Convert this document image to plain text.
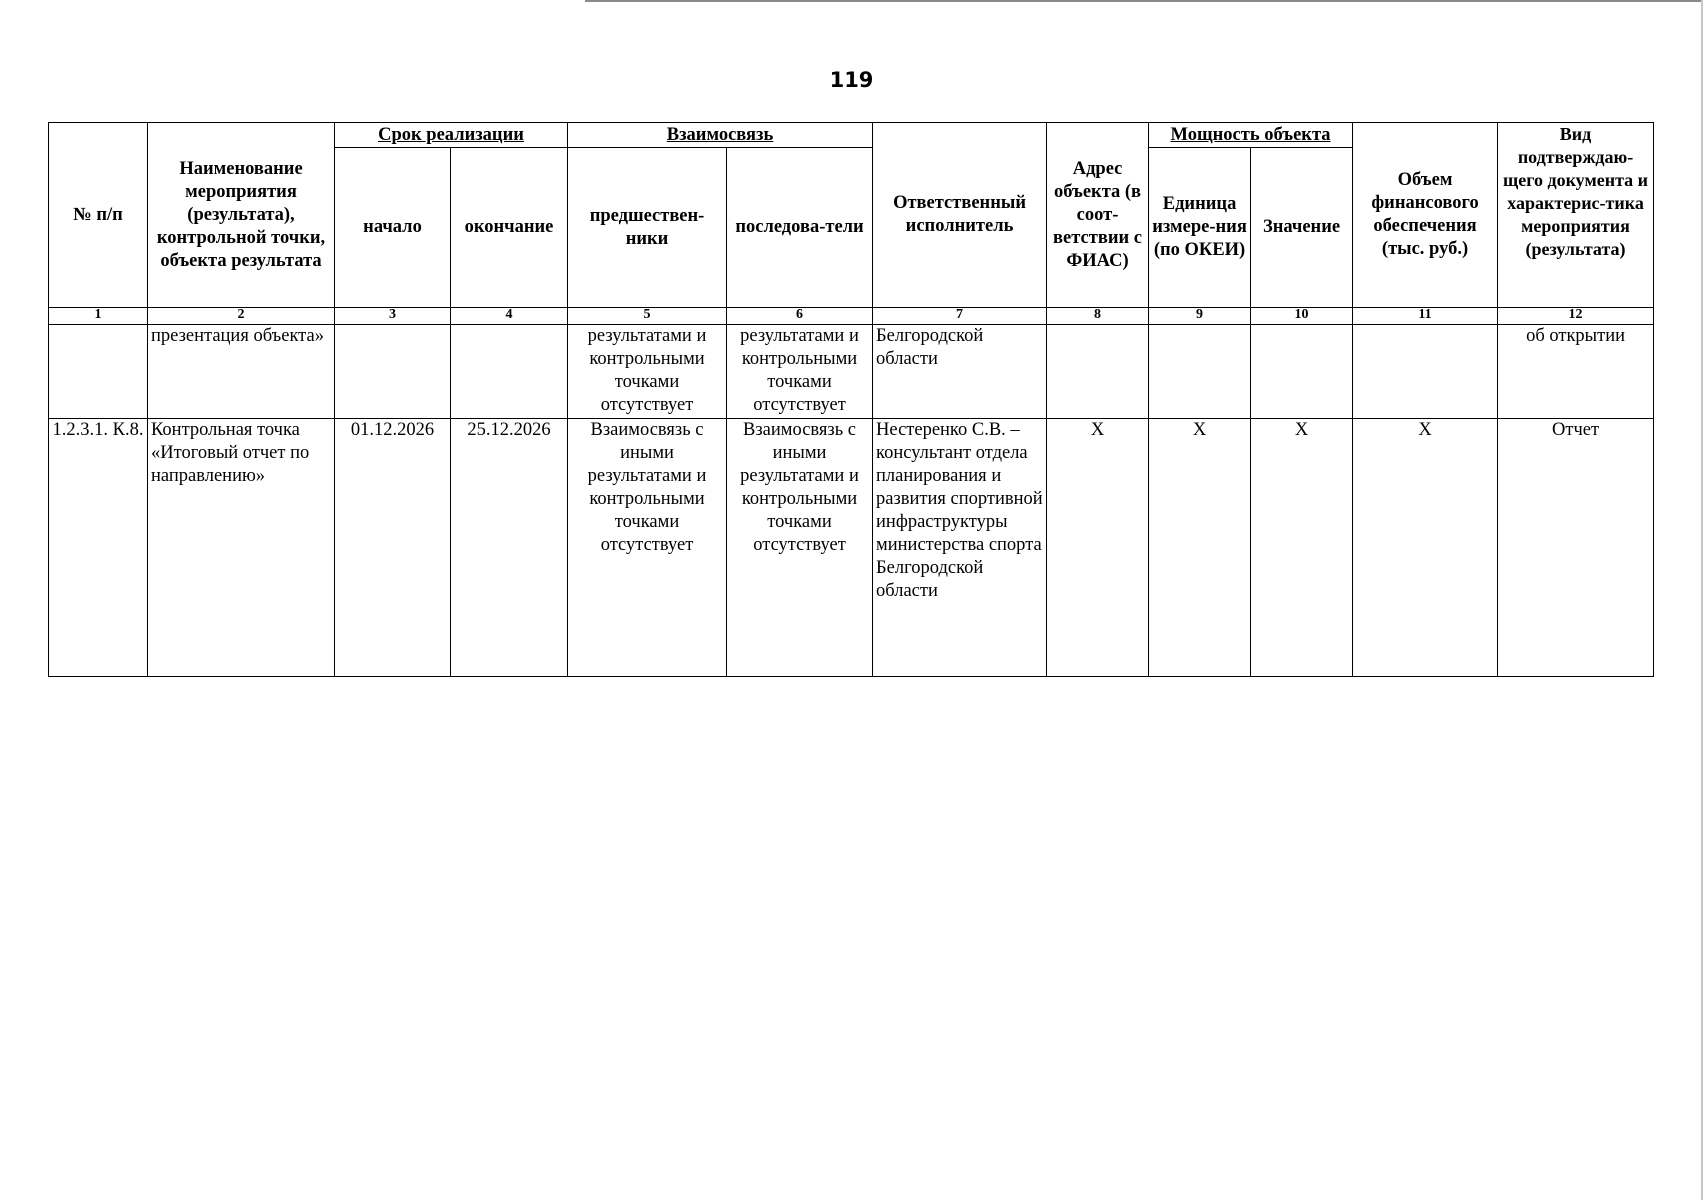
119
№ п/п	Наименование мероприятия (результата), контрольной точки, объекта результата	Срок реализации		Взаимосвязь		Ответственный исполнитель	Адрес объекта (в соот-ветствии с ФИАС)	Мощность объекта		Объем финансового обеспечения (тыс. руб.)	Вид подтверждаю-щего документа и характерис-тика мероприятия (результата)
		начало	окончание	предшествен-ники	последова-тели			Единица измере-ния (по ОКЕИ)	Значение		
1	2	3	4	5	6	7	8	9	10	11	12
	презентация объекта»			результатами и контрольными точками отсутствует	результатами и контрольными точками отсутствует	Белгородской области					об открытии
1.2.3.1. К.8.	Контрольная точка «Итоговый отчет по направлению»	01.12.2026	25.12.2026	Взаимосвязь с иными результатами и контрольными точками отсутствует	Взаимосвязь с иными результатами и контрольными точками отсутствует	Нестеренко С.В. – консультант отдела планирования и развития спортивной инфраструктуры министерства спорта Белгородской области	Х	Х	Х	Х	Отчет
